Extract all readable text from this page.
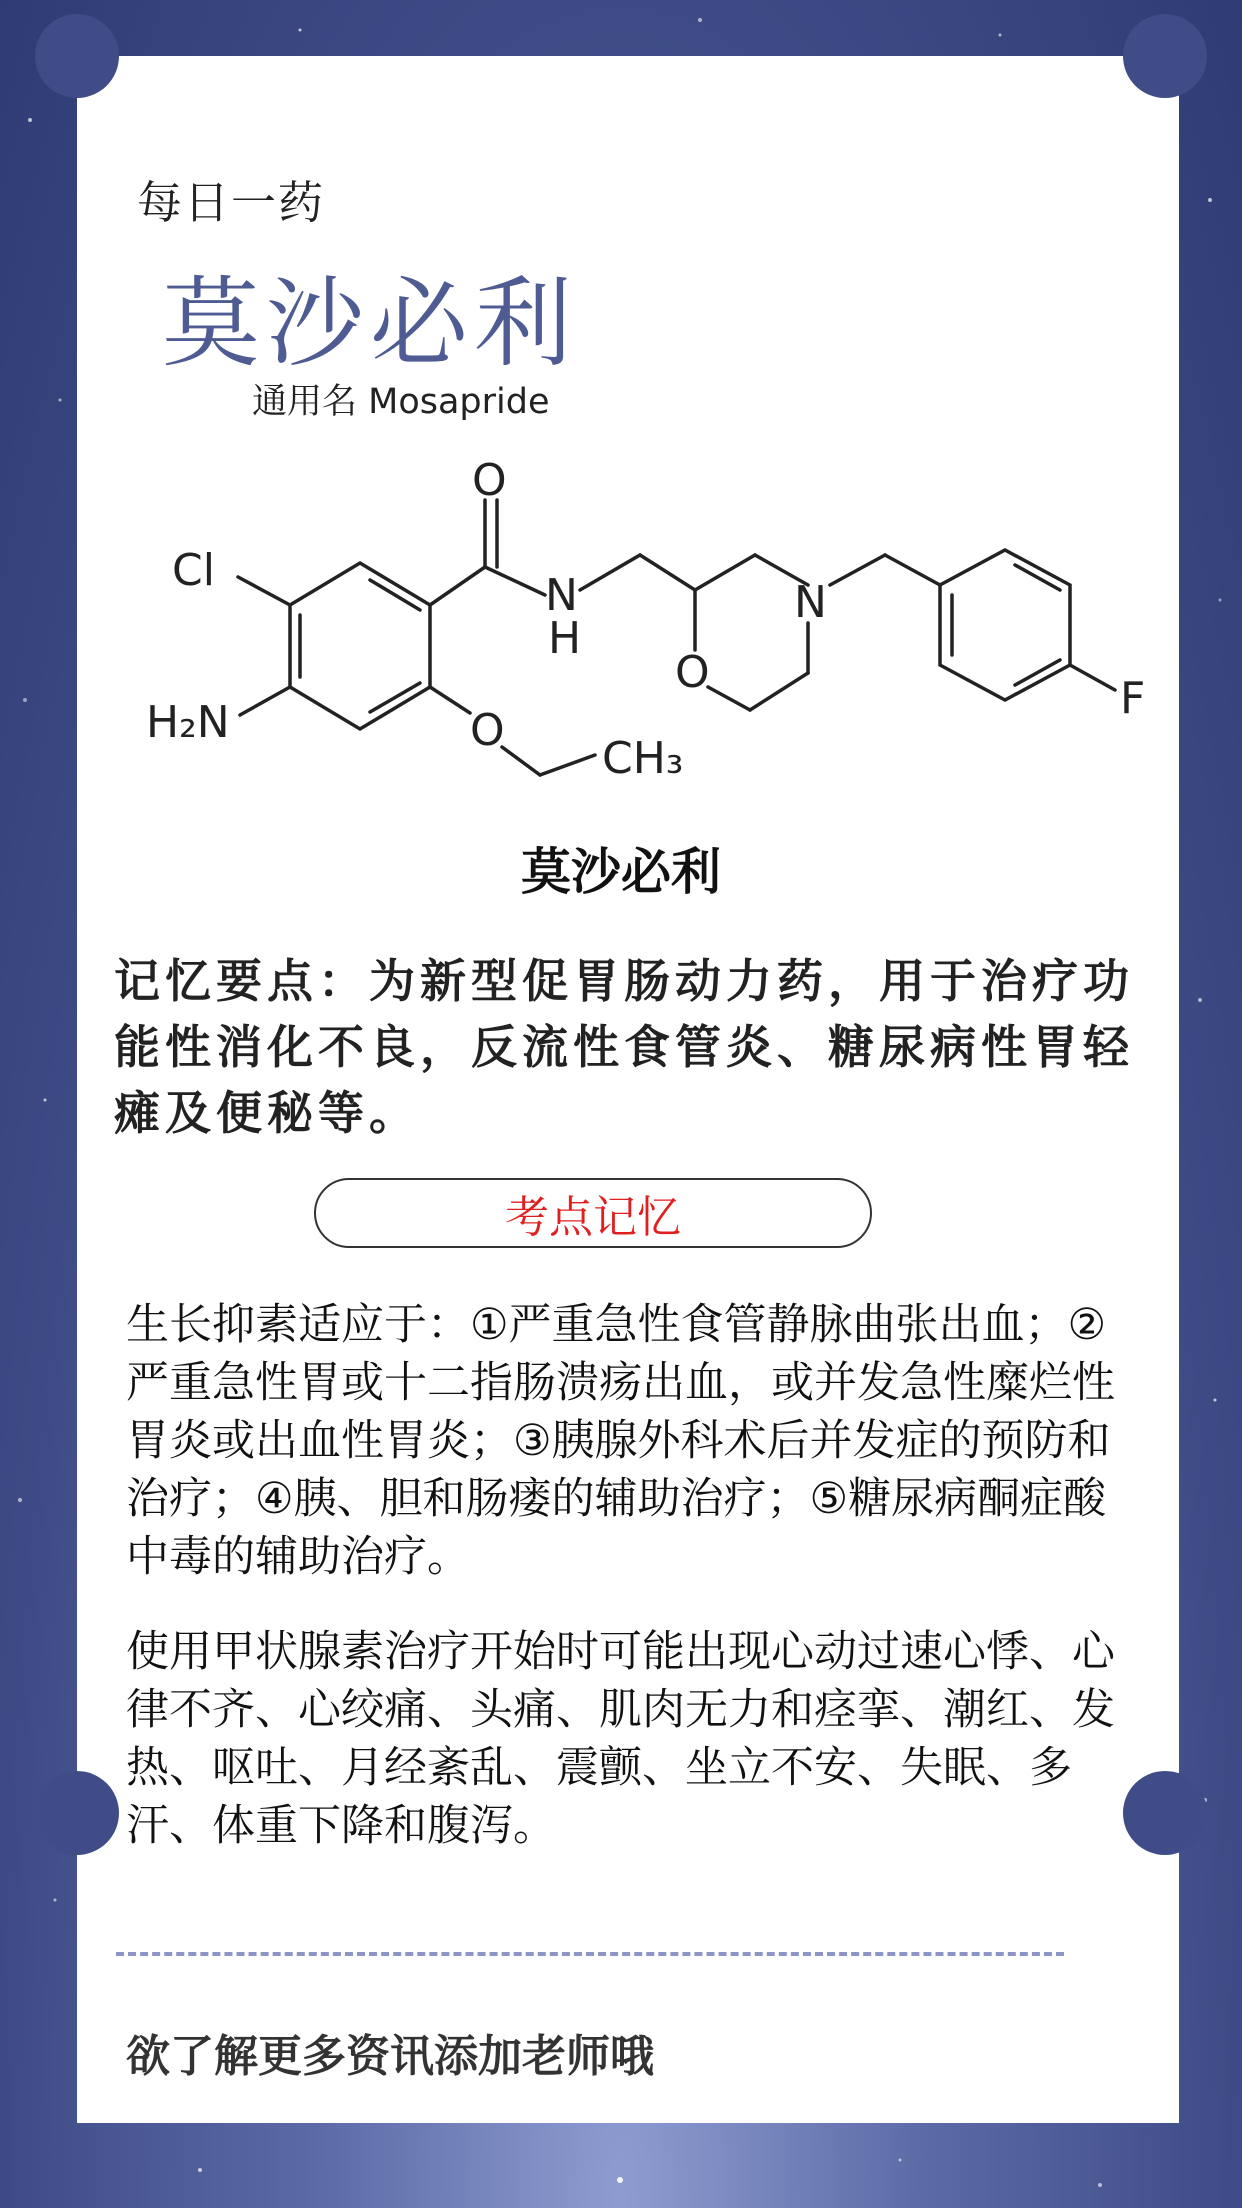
每日一药
莫沙必利
通用名 Mosapride
O
Cl	N
H
N
O
O
CH₃
H₂N	F
莫沙必利
记忆要点：为新型促胃肠动力药，用于治疗功能性消化不良，反流性食管炎、糖尿病性胃轻瘫及便秘等。
考点记忆
生长抑素适应于：①严重急性食管静脉曲张出血；②严重急性胃或十二指肠溃疡出血，或并发急性糜烂性胃炎或出血性胃炎；③胰腺外科术后并发症的预防和治疗；④胰、胆和肠瘘的辅助治疗；⑤糖尿病酮症酸中毒的辅助治疗。
使用甲状腺素治疗开始时可能出现心动过速心悸、心律不齐、心绞痛、头痛、肌肉无力和痉挛、潮红、发热、呕吐、月经紊乱、震颤、坐立不安、失眠、多汗、体重下降和腹泻。
欲了解更多资讯添加老师哦
